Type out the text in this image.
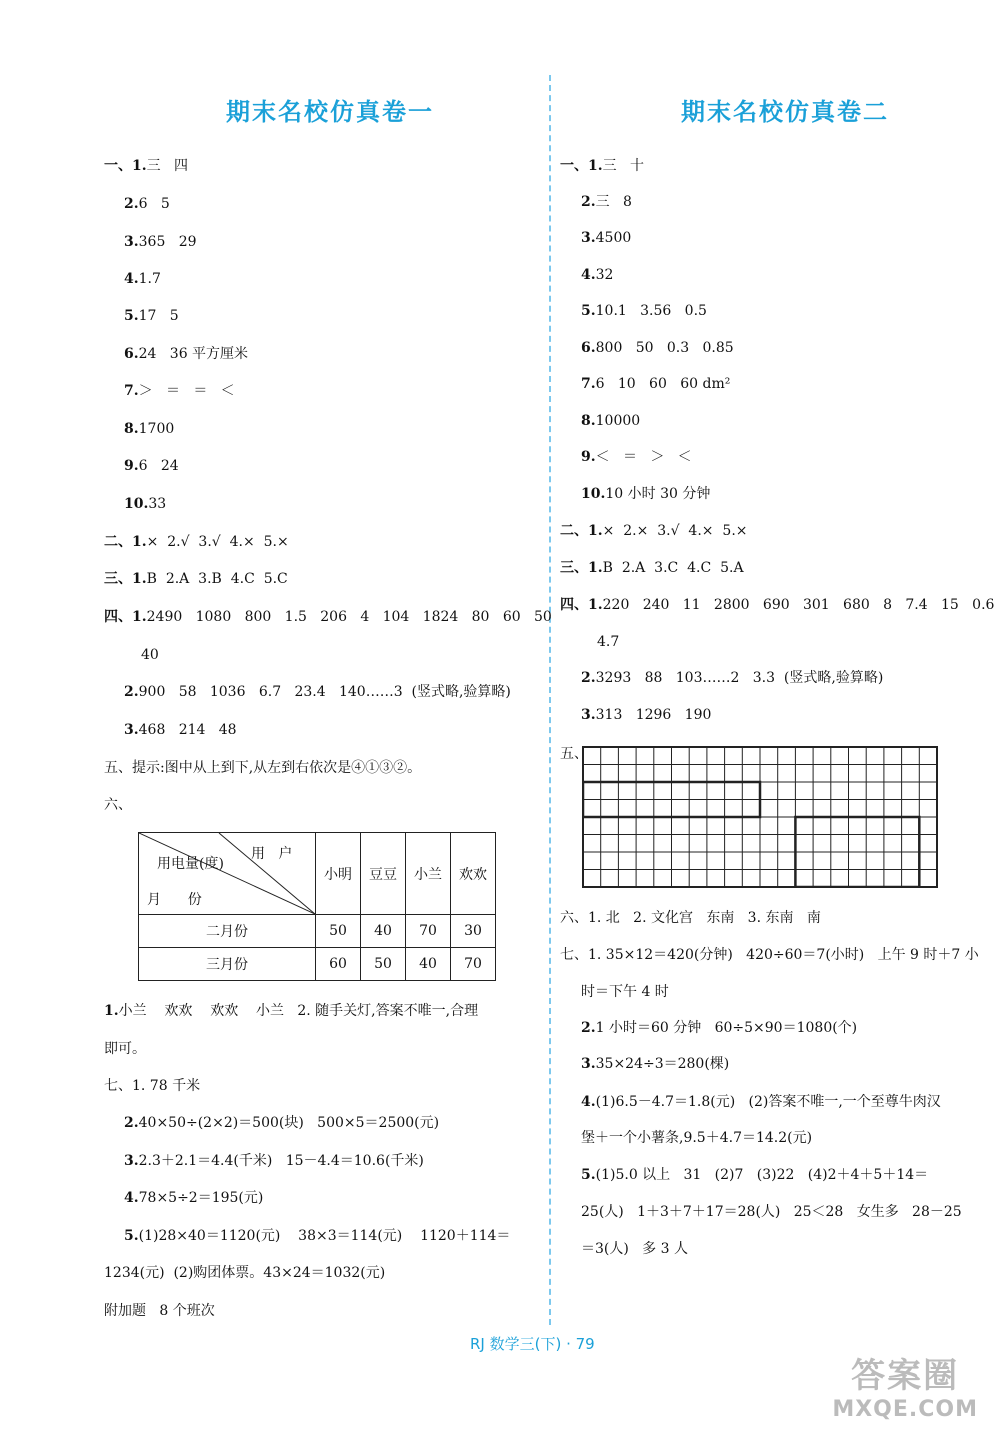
期末名校仿真卷一	期末名校仿真卷二
一、1.三   四
2.6   5
3.365   29
4.1.7
5.17   5
6.24   36 平方厘米
7.＞   ＝   ＝   ＜
8.1700
9.6   24
10.33
二、1.×  2.√  3.√  4.×  5.×
三、1.B  2.A  3.B  4.C  5.C
四、1.2490   1080   800   1.5   206   4   104   1824   80   60   50
40
2.900   58   1036   6.7   23.4   140……3  (竖式略,验算略)
3.468   214   48
五、提示:图中从上到下,从左到右依次是④①③②。
六、
1.小兰    欢欢    欢欢    小兰   2. 随手关灯,答案不唯一,合理
即可。
七、1. 78 千米
2.40×50÷(2×2)＝500(块)   500×5＝2500(元)
3.2.3＋2.1＝4.4(千米)   15－4.4＝10.6(千米)
4.78×5÷2＝195(元)
5.(1)28×40＝1120(元)    38×3＝114(元)    1120＋114＝
1234(元)  (2)购团体票。43×24＝1032(元)
附加题   8 个班次
一、1.三   十
2.三   8
3.4500
4.32
5.10.1   3.56   0.5
6.800   50   0.3   0.85
7.6   10   60   60 dm²
8.10000
9.＜   ＝   ＞   ＜
10.10 小时 30 分钟
二、1.×  2.×  3.√  4.×  5.×
三、1.B  2.A  3.C  4.C  5.A
四、1.220   240   11   2800   690   301   680   8   7.4   15   0.6
4.7
2.3293   88   103……2   3.3  (竖式略,验算略)
3.313   1296   190
六、1. 北   2. 文化宫   东南   3. 东南   南
七、1. 35×12＝420(分钟)   420÷60＝7(小时)   上午 9 时＋7 小
时＝下午 4 时
2.1 小时＝60 分钟   60÷5×90＝1080(个)
3.35×24÷3＝280(棵)
4.(1)6.5－4.7＝1.8(元)   (2)答案不唯一,一个至尊牛肉汉
堡＋一个小薯条,9.5＋4.7＝14.2(元)
5.(1)5.0 以上   31   (2)7   (3)22   (4)2＋4＋5＋14＝
25(人)   1＋3＋7＋17＝28(人)   25＜28   女生多   28－25
＝3(人)   多 3 人
用电量(度)
用   户
月      份	小明	豆豆	小兰	欢欢
二月份	50	40	70	30
三月份	60	50	40	70
五、
RJ 数学三(下) · 79
答案圈
MXQE.COM
